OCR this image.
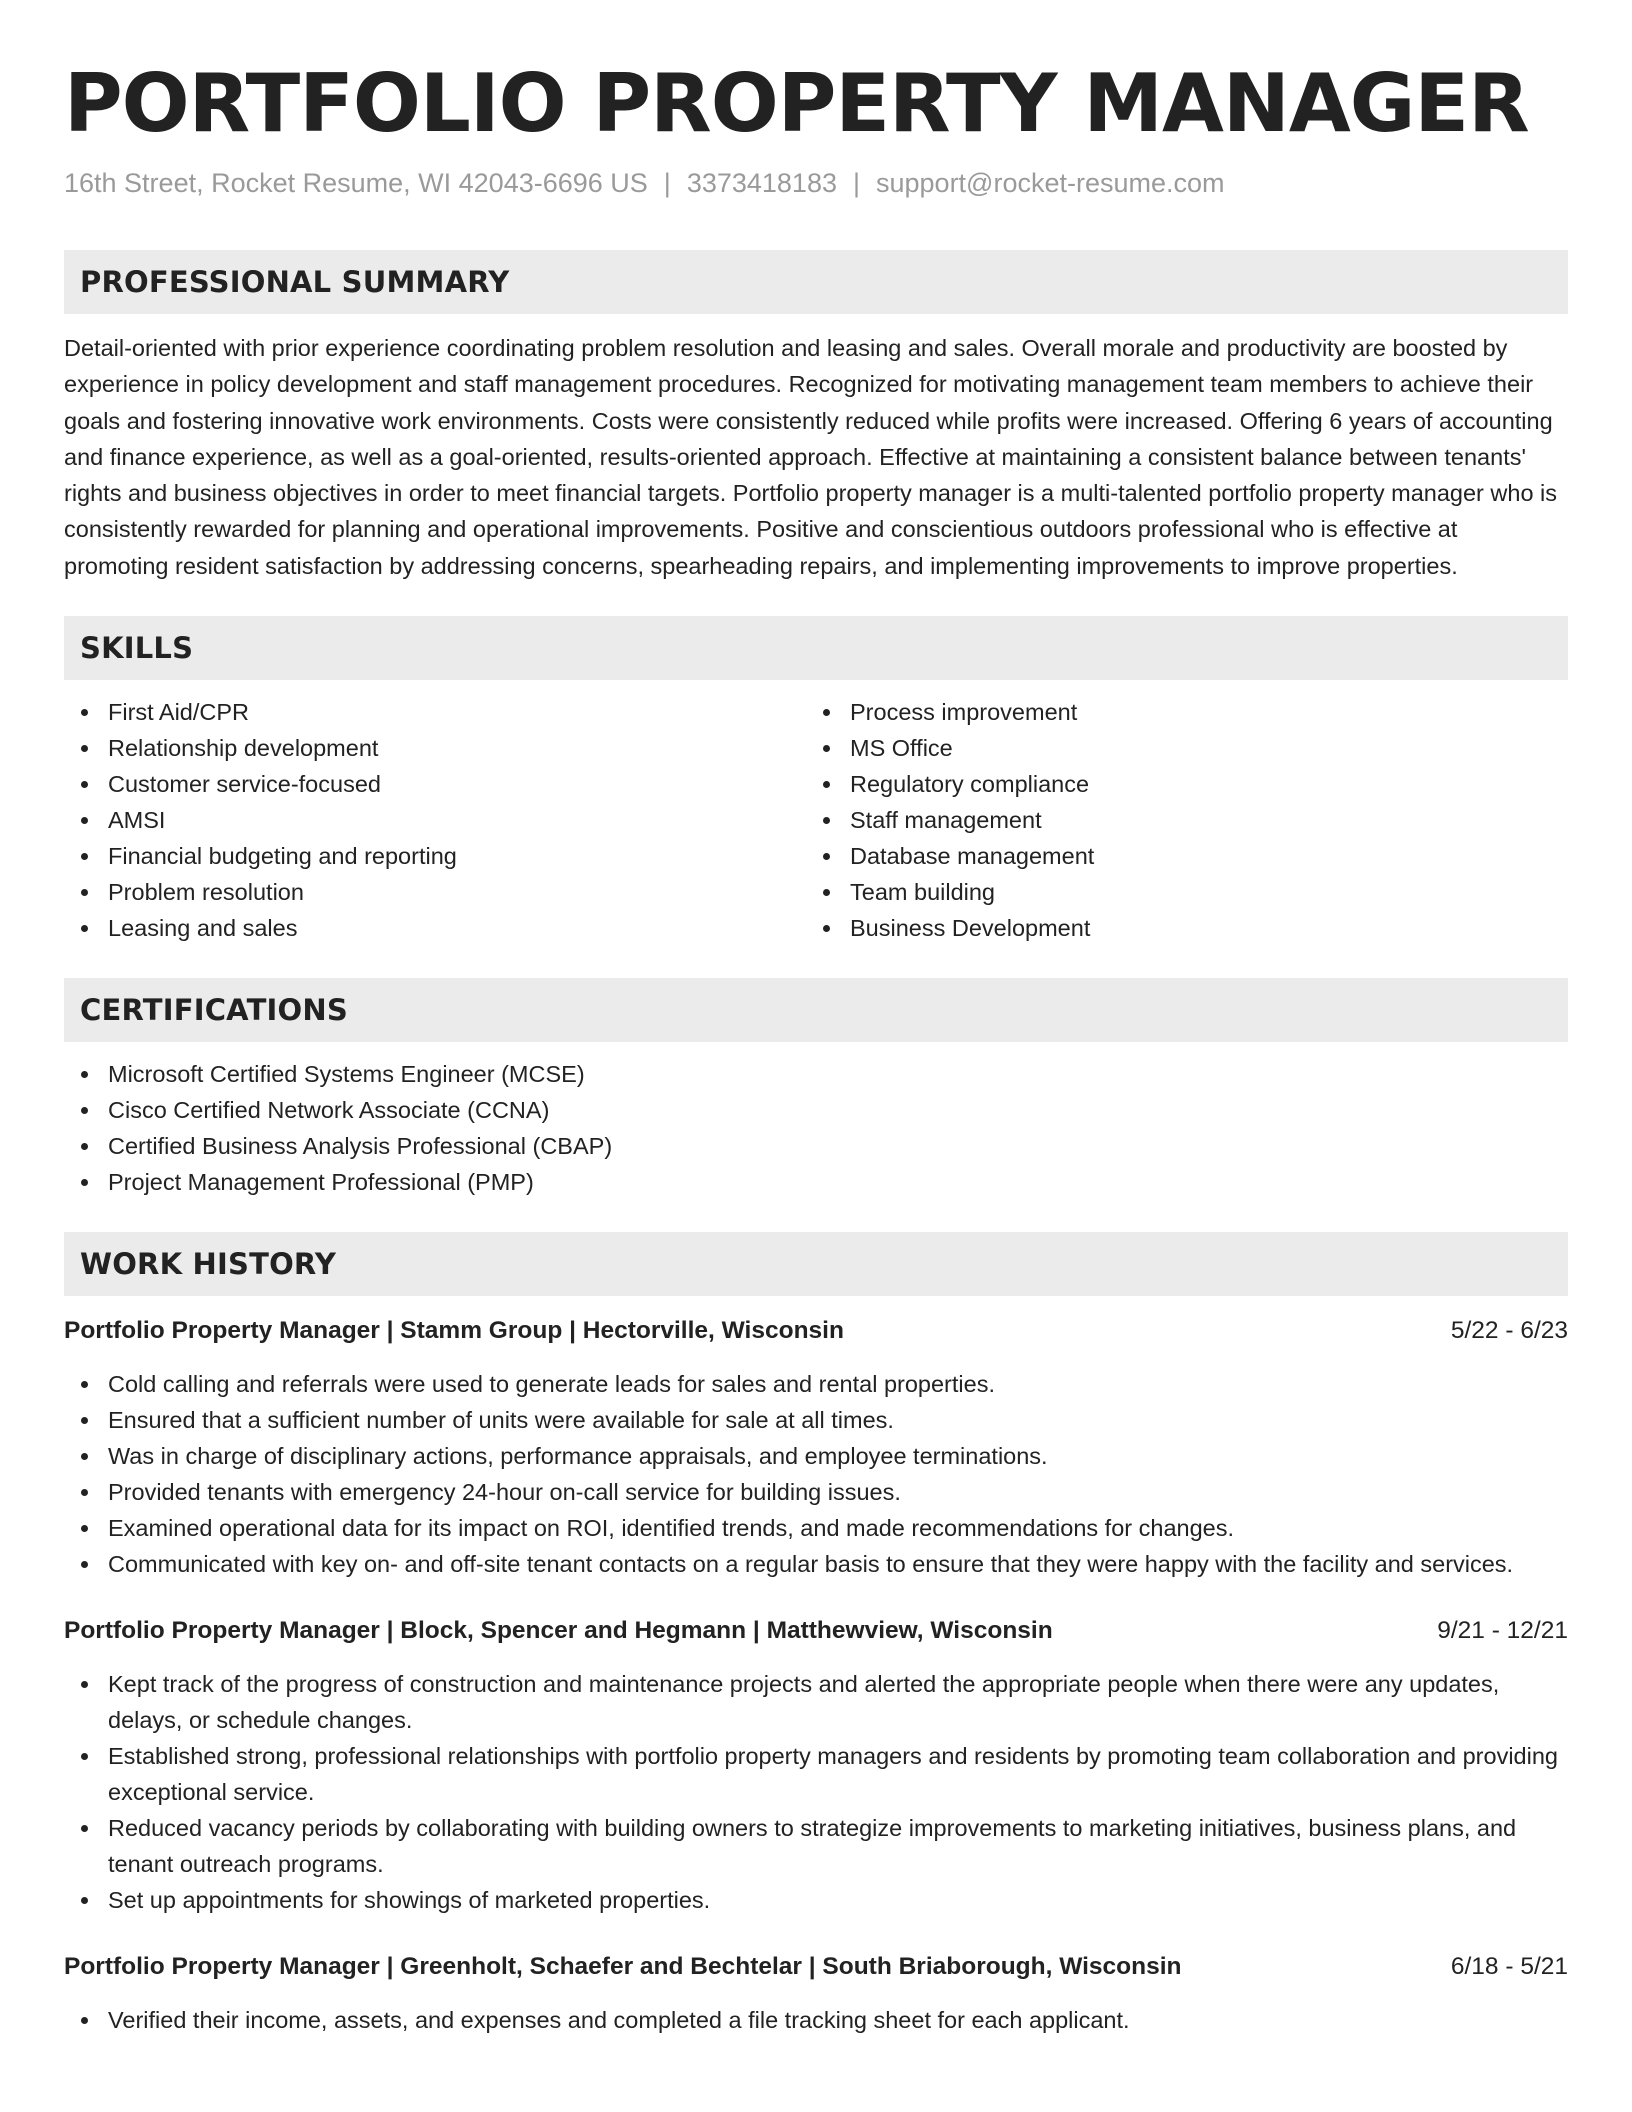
PORTFOLIO PROPERTY MANAGER
16th Street, Rocket Resume, WI 42043-6696 US | 3373418183 | support@rocket-resume.com
PROFESSIONAL SUMMARY

Detail-oriented with prior experience coordinating problem resolution and leasing and sales. Overall morale and productivity are boosted by experience in policy development and staff management procedures. Recognized for motivating management team members to achieve their goals and fostering innovative work environments. Costs were consistently reduced while profits were increased. Offering 6 years of accounting and finance experience, as well as a goal-oriented, results-oriented approach. Effective at maintaining a consistent balance between tenants' rights and business objectives in order to meet financial targets. Portfolio property manager is a multi-talented portfolio property manager who is consistently rewarded for planning and operational improvements. Positive and conscientious outdoors professional who is effective at promoting resident satisfaction by addressing concerns, spearheading repairs, and implementing improvements to improve properties.

SKILLS
First Aid/CPR
Relationship development
Customer service-focused
AMSI
Financial budgeting and reporting
Problem resolution
Leasing and sales
Process improvement
MS Office
Regulatory compliance
Staff management
Database management
Team building
Business Development
CERTIFICATIONS
Microsoft Certified Systems Engineer (MCSE)
Cisco Certified Network Associate (CCNA)
Certified Business Analysis Professional (CBAP)
Project Management Professional (PMP)
WORK HISTORY
Portfolio Property Manager | Stamm Group | Hectorville, Wisconsin	5/22 - 6/23
Cold calling and referrals were used to generate leads for sales and rental properties.
Ensured that a sufficient number of units were available for sale at all times.
Was in charge of disciplinary actions, performance appraisals, and employee terminations.
Provided tenants with emergency 24-hour on-call service for building issues.
Examined operational data for its impact on ROI, identified trends, and made recommendations for changes.
Communicated with key on- and off-site tenant contacts on a regular basis to ensure that they were happy with the facility and services.
Portfolio Property Manager | Block, Spencer and Hegmann | Matthewview, Wisconsin	9/21 - 12/21
Kept track of the progress of construction and maintenance projects and alerted the appropriate people when there were any updates, delays, or schedule changes.
Established strong, professional relationships with portfolio property managers and residents by promoting team collaboration and providing exceptional service.
Reduced vacancy periods by collaborating with building owners to strategize improvements to marketing initiatives, business plans, and tenant outreach programs.
Set up appointments for showings of marketed properties.
Portfolio Property Manager | Greenholt, Schaefer and Bechtelar | South Briaborough, Wisconsin	6/18 - 5/21
Verified their income, assets, and expenses and completed a file tracking sheet for each applicant.
